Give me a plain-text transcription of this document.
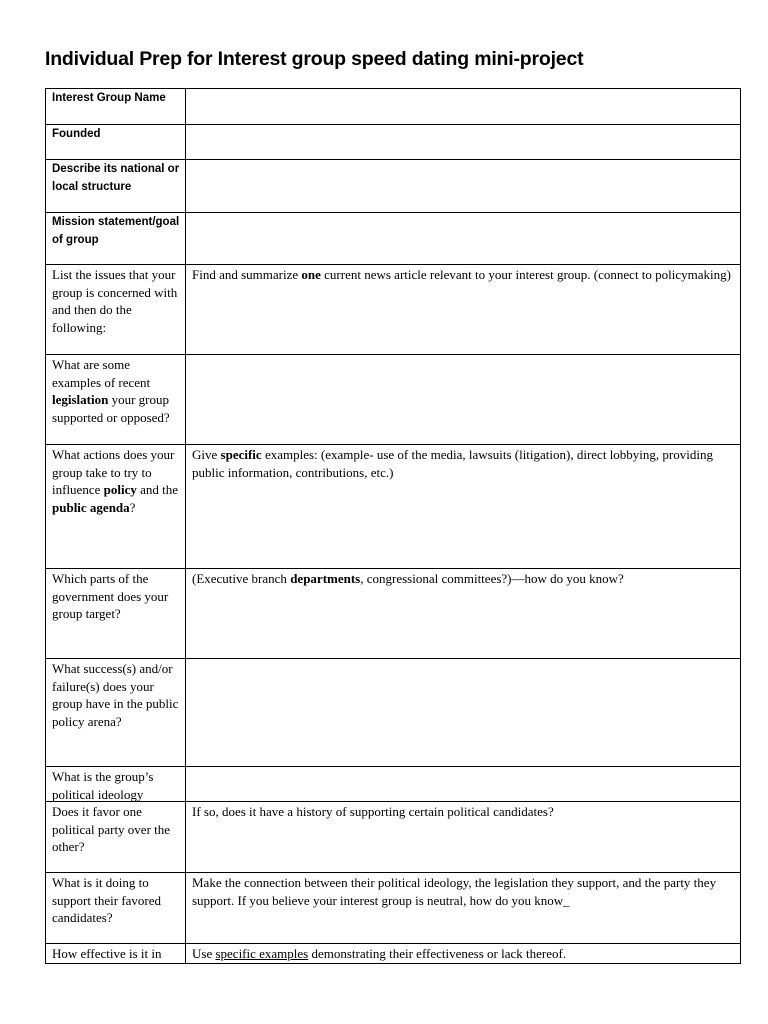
Individual Prep for Interest group speed dating mini-project
Interest Group Name	
Founded	
Describe its national or local structure	

Mission statement/goal of group	

List the issues that your group is concerned with and then do the following:	Find and summarize one current news article relevant to your interest group. (connect to policymaking)

What are some examples of recent legislation your group supported or opposed?	

What actions does your group take to try to influence policy and the public agenda?	Give specific examples: (example- use of the media, lawsuits (litigation), direct lobbying, providing public information, contributions, etc.)
Which parts of the government does your group target?	(Executive branch departments, congressional committees?)—how do you know?
What success(s) and/or failure(s) does your group have in the public policy arena?	

What is the group’s political ideology	

Does it favor one political party over the other?	If so, does it have a history of supporting certain political candidates?
What is it doing to support their favored candidates?	Make the connection between their political ideology, the legislation they support, and the party they support. If you believe your interest group is neutral, how do you know_
How effective is it in	Use specific examples demonstrating their effectiveness or lack thereof.
